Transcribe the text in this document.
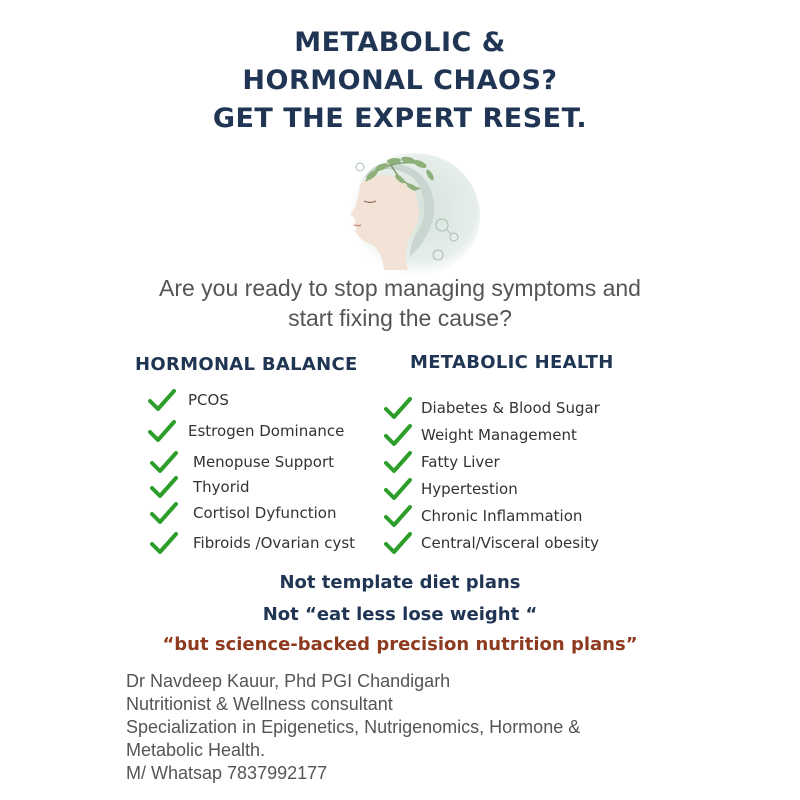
METABOLIC &
HORMONAL CHAOS?
GET THE EXPERT RESET.
Are you ready to stop managing symptoms and
start fixing the cause?
HORMONAL BALANCE	METABOLIC HEALTH
PCOS
Estrogen Dominance
Menopuse Support
Thyorid
Cortisol Dyfunction
Fibroids /Ovarian cyst
Diabetes & Blood Sugar
Weight Management
Fatty Liver
Hypertestion
Chronic Inflammation
Central/Visceral obesity
Not template diet plans
Not “eat less lose weight “
“but science-backed precision nutrition plans”
Dr Navdeep Kauur, Phd PGI Chandigarh
Nutritionist & Wellness consultant
Specialization in Epigenetics, Nutrigenomics, Hormone &
Metabolic Health.
M/ Whatsap 7837992177
